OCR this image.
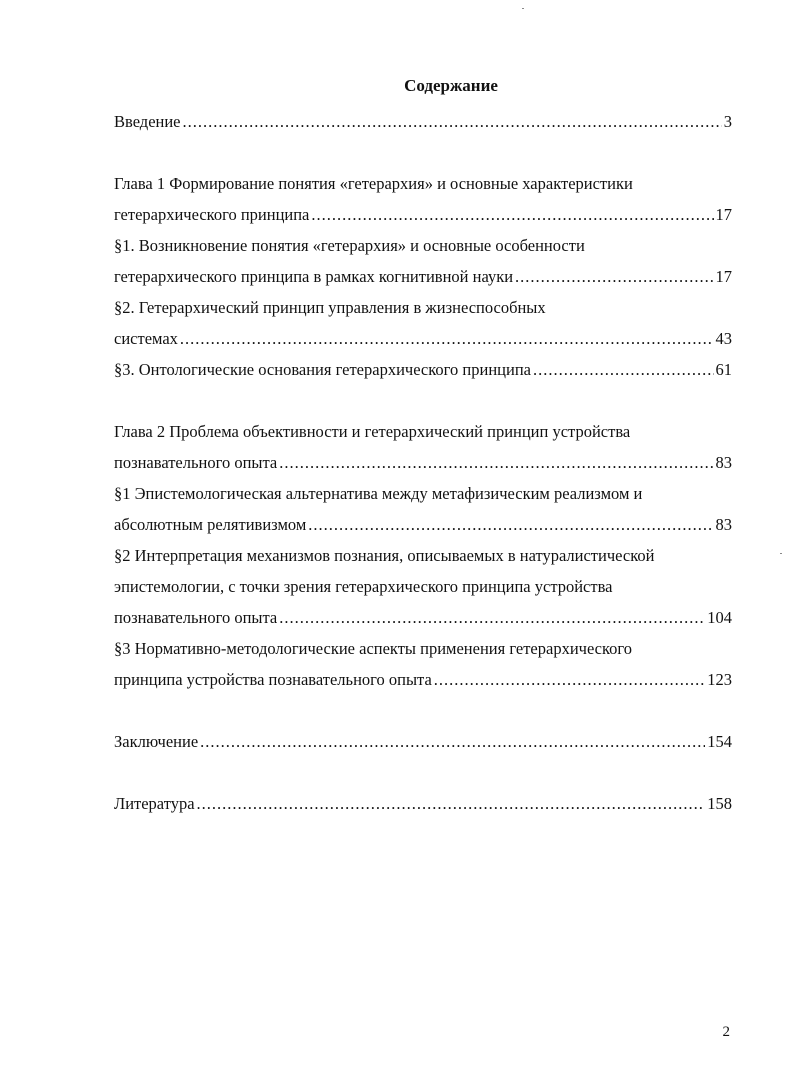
Содержание
Введение .....	3
Глава 1 Формирование понятия «гетерархия» и основные характеристики
гетерархического принципа .....	17
§1. Возникновение понятия «гетерархия» и основные особенности
гетерархического принципа в рамках когнитивной науки .....	17
§2. Гетерархический принцип управления в жизнеспособных
системах .....	43
§3. Онтологические основания гетерархического принципа .....	61
Глава 2 Проблема объективности и гетерархический принцип устройства
познавательного опыта .....	83
§1 Эпистемологическая альтернатива между метафизическим реализмом и
абсолютным релятивизмом .....	83
§2 Интерпретация механизмов познания, описываемых в натуралистической
эпистемологии, с точки зрения гетерархического принципа устройства
познавательного опыта .....	104
§3 Нормативно-методологические аспекты применения гетерархического
принципа устройства познавательного опыта .....	123
Заключение .....	154
Литература .....	158
2
